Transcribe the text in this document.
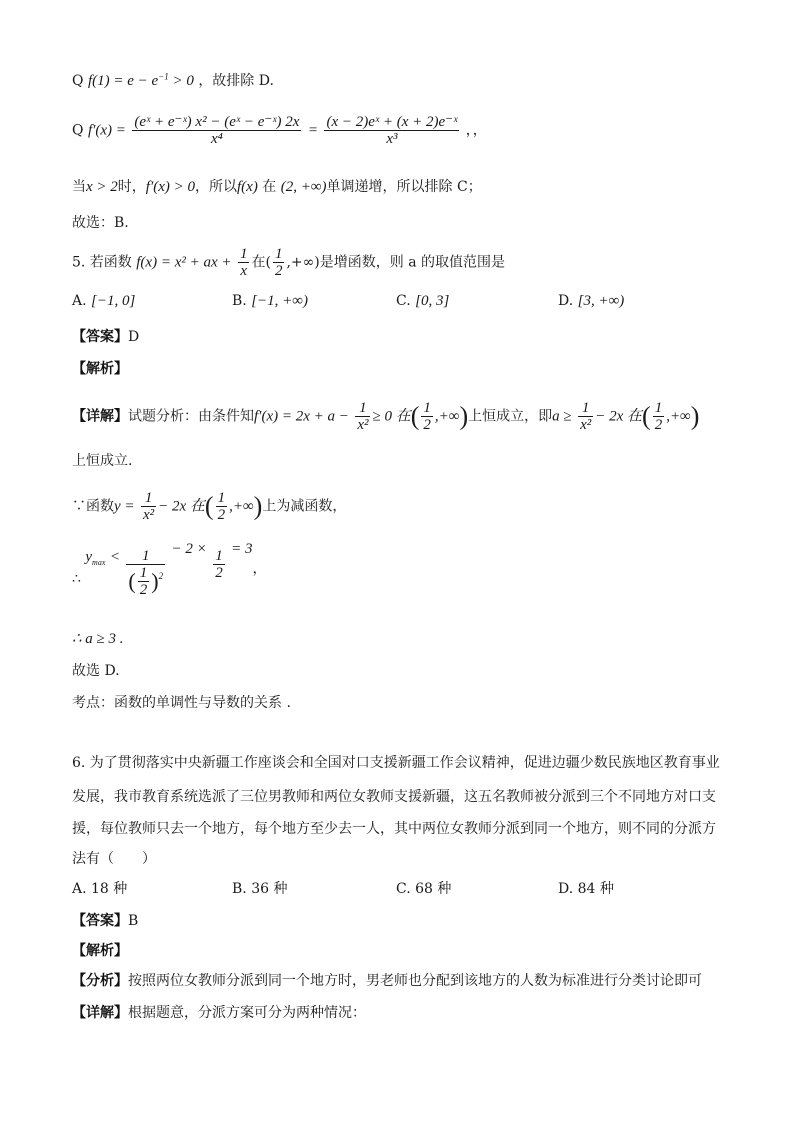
Q $f(1) = e - e^{-1} > 0$ ，故排除 D.
Q $f'(x) = \frac{\text{(eˣ + e⁻ˣ) x² − (eˣ − e⁻ˣ) 2x}}{\text{x⁴}} = \frac{\text{(x − 2)eˣ + (x + 2)e⁻ˣ}}{\text{x³}}$ ，，
当x > 2时，f′(x) > 0，所以f(x) 在 (2, +∞)单调递增，所以排除 C；
故选：B.
5. 若函数 f(x) = x² + ax + $\frac{1}{x}$ 在( $\frac{1}{2}$ ,+∞)是增函数，则 a 的取值范围是
A. [−1, 0]	B. [−1, +∞)	C. [0, 3]	D. [3, +∞)
【答案】D
【解析】
【详解】试题分析：由条件知$f'(x) = 2x + a - \frac{1}{\text{x²}} \ge 0$ 在( $\frac{1}{2}$ ,+∞)上恒成立，即$a \ge \frac{1}{\text{x²}} - 2x$ 在( $\frac{1}{2}$ ,+∞)
上恒成立.
∵函数$y = \frac{1}{\text{x²}} - 2x$ 在( $\frac{1}{2}$ ,+∞)上为减函数，
∴ $y_{max} < \frac{1}{( \frac{1}{2} )^2} - 2 \times \frac{1}{2} = 3$，
∴ a ≥ 3 .
故选 D.
考点：函数的单调性与导数的关系 .
6. 为了贯彻落实中央新疆工作座谈会和全国对口支援新疆工作会议精神，促进边疆少数民族地区教育事业
发展，我市教育系统选派了三位男教师和两位女教师支援新疆，这五名教师被分派到三个不同地方对口支
援，每位教师只去一个地方，每个地方至少去一人，其中两位女教师分派到同一个地方，则不同的分派方
法有（　　）
A. 18 种	B. 36 种	C. 68 种	D. 84 种
【答案】B
【解析】
【分析】按照两位女教师分派到同一个地方时，男老师也分配到该地方的人数为标准进行分类讨论即可
【详解】根据题意，分派方案可分为两种情况：
